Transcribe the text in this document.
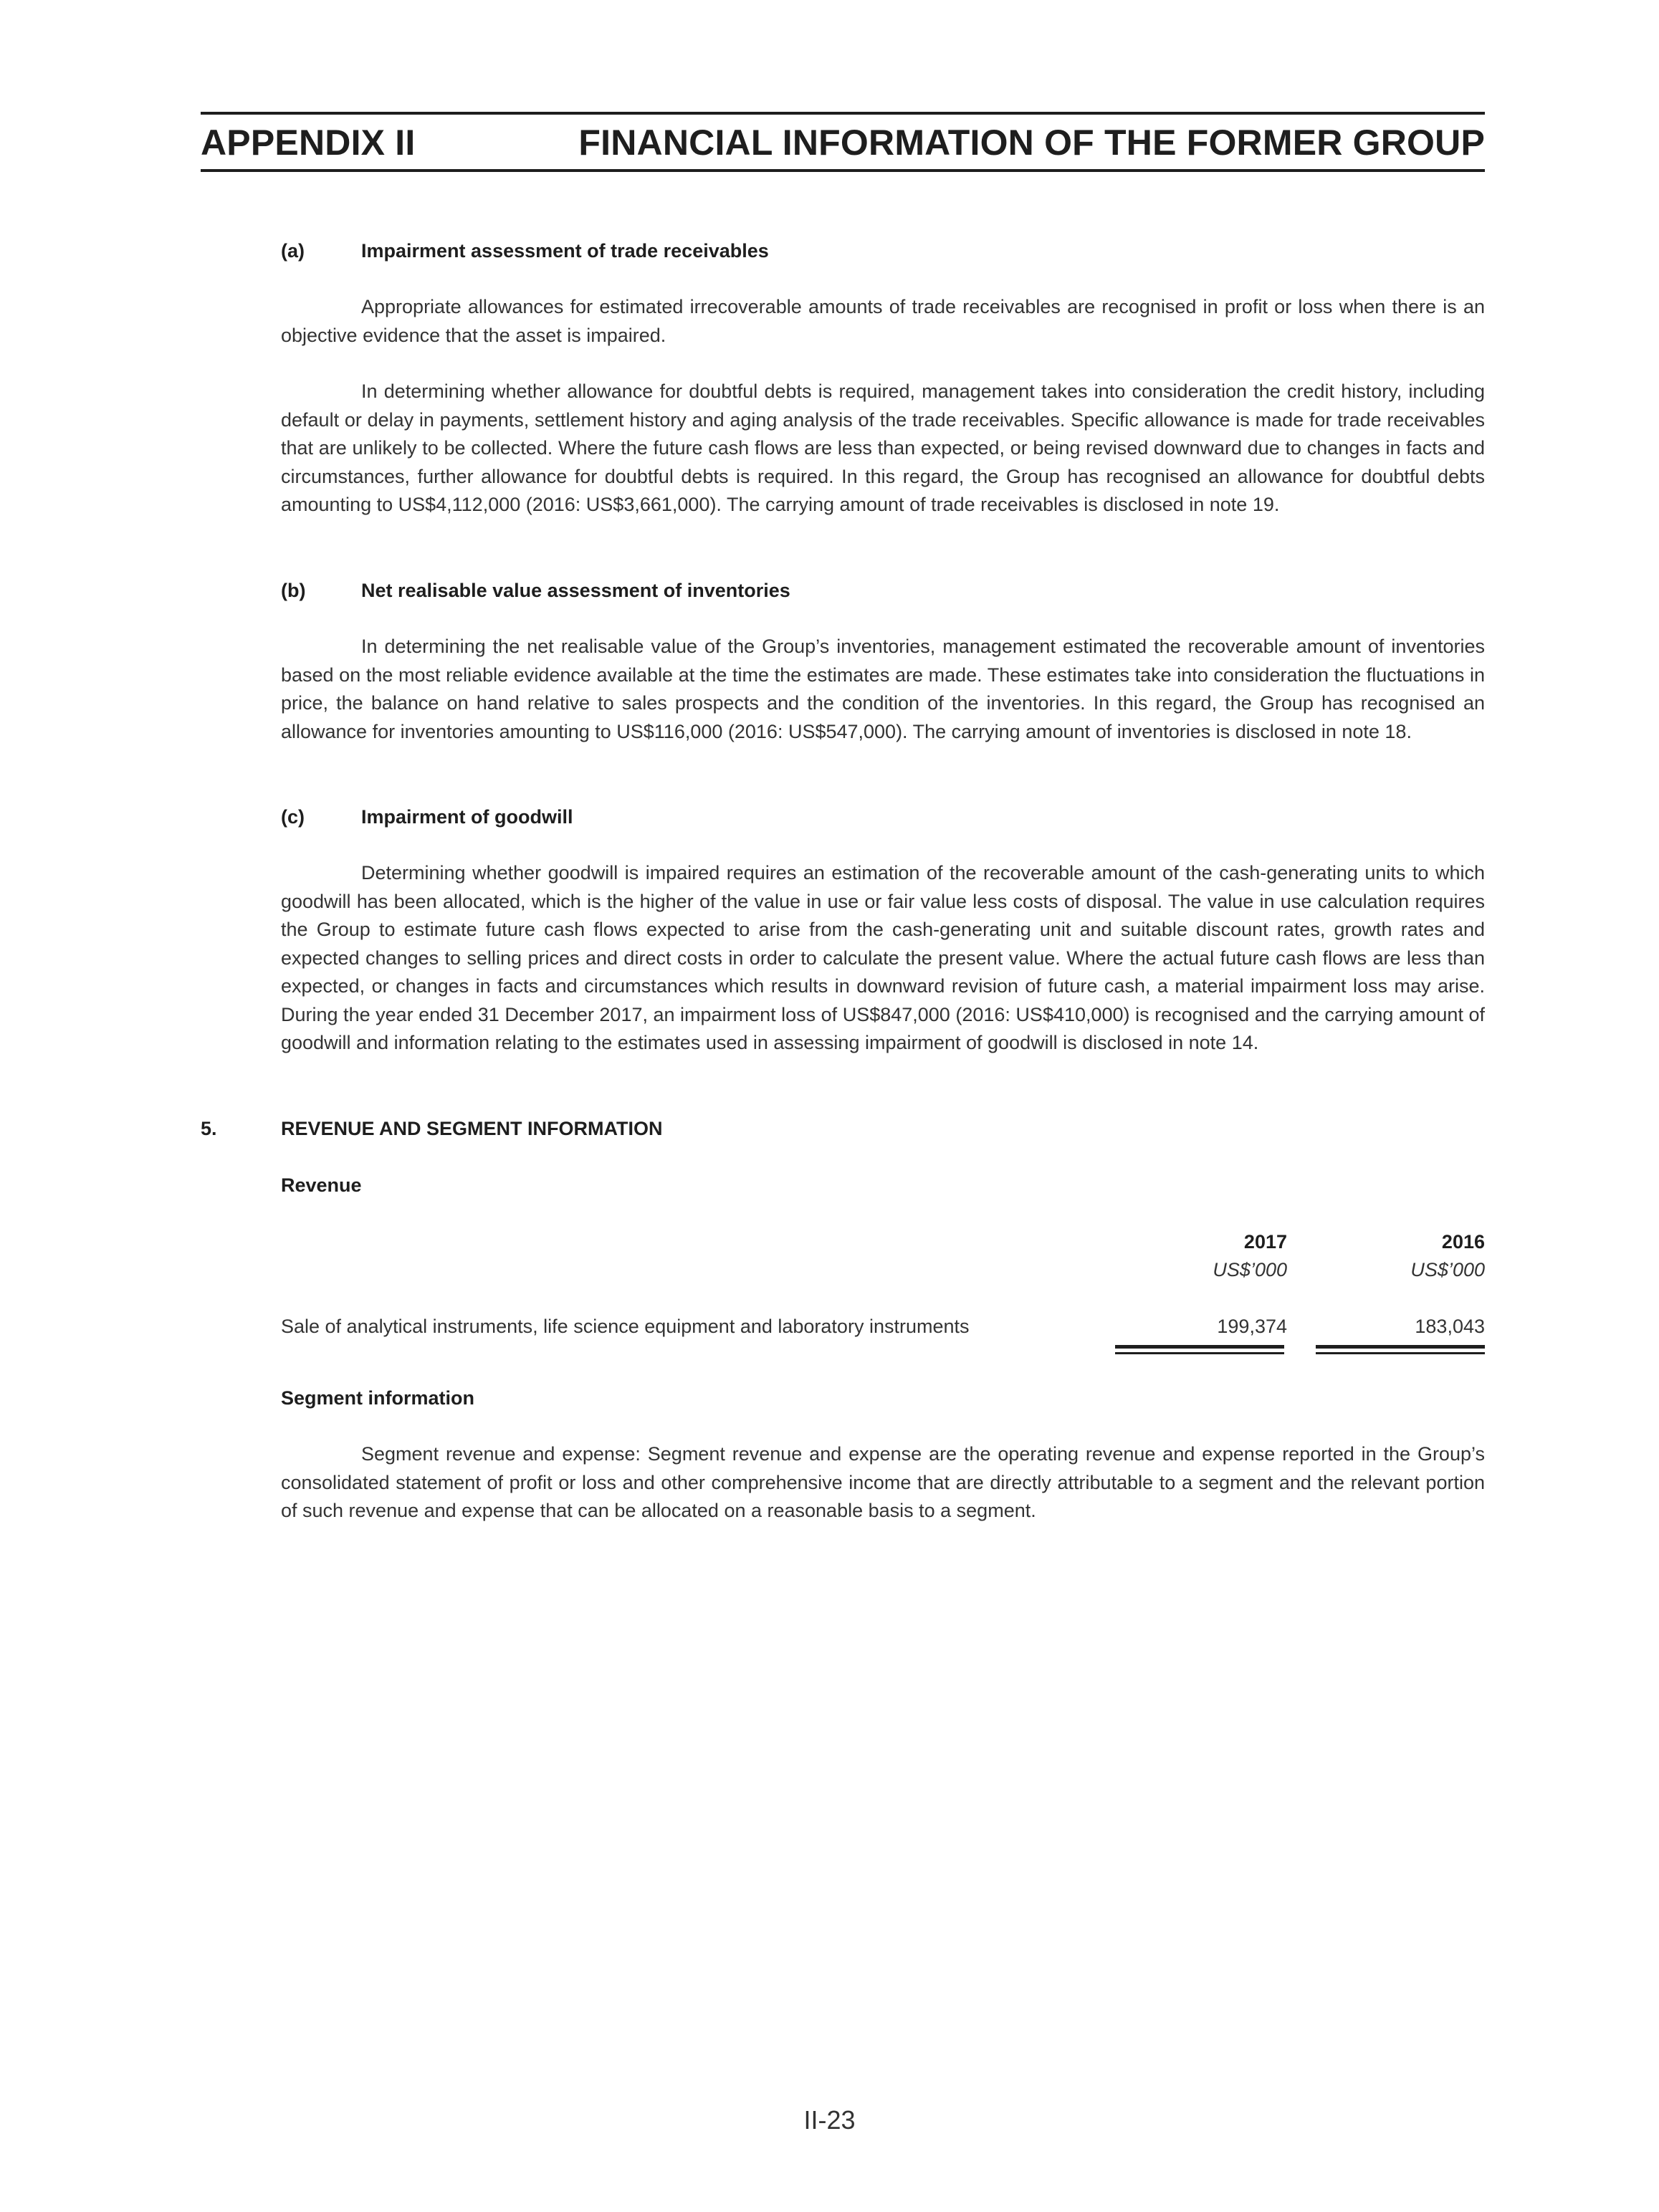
APPENDIX II	FINANCIAL INFORMATION OF THE FORMER GROUP
(a)	Impairment assessment of trade receivables

Appropriate allowances for estimated irrecoverable amounts of trade receivables are recognised in profit or loss when there is an objective evidence that the asset is impaired.

In determining whether allowance for doubtful debts is required, management takes into consideration the credit history, including default or delay in payments, settlement history and aging analysis of the trade receivables. Specific allowance is made for trade receivables that are unlikely to be collected. Where the future cash flows are less than expected, or being revised downward due to changes in facts and circumstances, further allowance for doubtful debts is required. In this regard, the Group has recognised an allowance for doubtful debts amounting to US$4,112,000 (2016: US$3,661,000). The carrying amount of trade receivables is disclosed in note 19.

(b)	Net realisable value assessment of inventories

In determining the net realisable value of the Group’s inventories, management estimated the recoverable amount of inventories based on the most reliable evidence available at the time the estimates are made. These estimates take into consideration the fluctuations in price, the balance on hand relative to sales prospects and the condition of the inventories. In this regard, the Group has recognised an allowance for inventories amounting to US$116,000 (2016: US$547,000). The carrying amount of inventories is disclosed in note 18.

(c)	Impairment of goodwill

Determining whether goodwill is impaired requires an estimation of the recoverable amount of the cash-generating units to which goodwill has been allocated, which is the higher of the value in use or fair value less costs of disposal. The value in use calculation requires the Group to estimate future cash flows expected to arise from the cash-generating unit and suitable discount rates, growth rates and expected changes to selling prices and direct costs in order to calculate the present value. Where the actual future cash flows are less than expected, or changes in facts and circumstances which results in downward revision of future cash, a material impairment loss may arise. During the year ended 31 December 2017, an impairment loss of US$847,000 (2016: US$410,000) is recognised and the carrying amount of goodwill and information relating to the estimates used in assessing impairment of goodwill is disclosed in note 14.

5.	REVENUE AND SEGMENT INFORMATION
Revenue
2017	2016
US$’000	US$’000
Sale of analytical instruments, life science equipment and laboratory instruments	199,374	183,043
Segment information

Segment revenue and expense: Segment revenue and expense are the operating revenue and expense reported in the Group’s consolidated statement of profit or loss and other comprehensive income that are directly attributable to a segment and the relevant portion of such revenue and expense that can be allocated on a reasonable basis to a segment.

II-23
